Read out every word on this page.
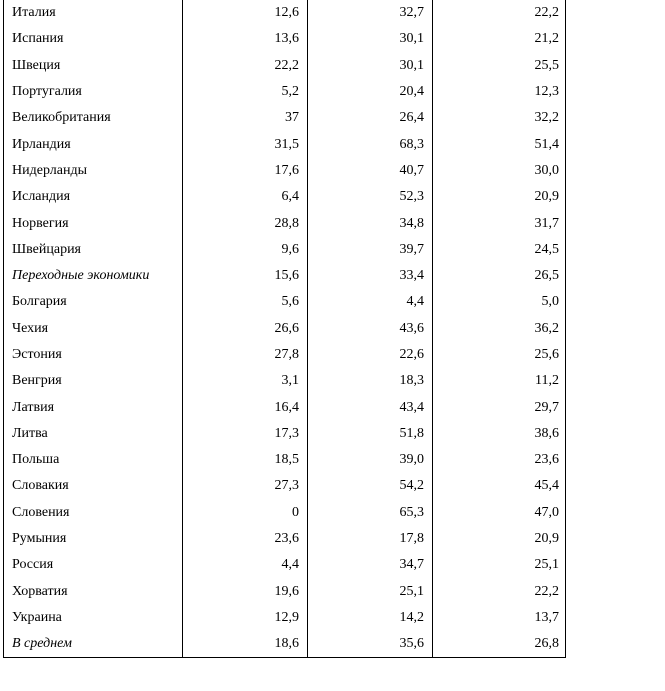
Италия	12,6	32,7	22,2
Испания	13,6	30,1	21,2
Швеция	22,2	30,1	25,5
Португалия	5,2	20,4	12,3
Великобритания	37	26,4	32,2
Ирландия	31,5	68,3	51,4
Нидерланды	17,6	40,7	30,0
Исландия	6,4	52,3	20,9
Норвегия	28,8	34,8	31,7
Швейцария	9,6	39,7	24,5
Переходные экономики	15,6	33,4	26,5
Болгария	5,6	4,4	5,0
Чехия	26,6	43,6	36,2
Эстония	27,8	22,6	25,6
Венгрия	3,1	18,3	11,2
Латвия	16,4	43,4	29,7
Литва	17,3	51,8	38,6
Польша	18,5	39,0	23,6
Словакия	27,3	54,2	45,4
Словения	0	65,3	47,0
Румыния	23,6	17,8	20,9
Россия	4,4	34,7	25,1
Хорватия	19,6	25,1	22,2
Украина	12,9	14,2	13,7
В среднем	18,6	35,6	26,8
